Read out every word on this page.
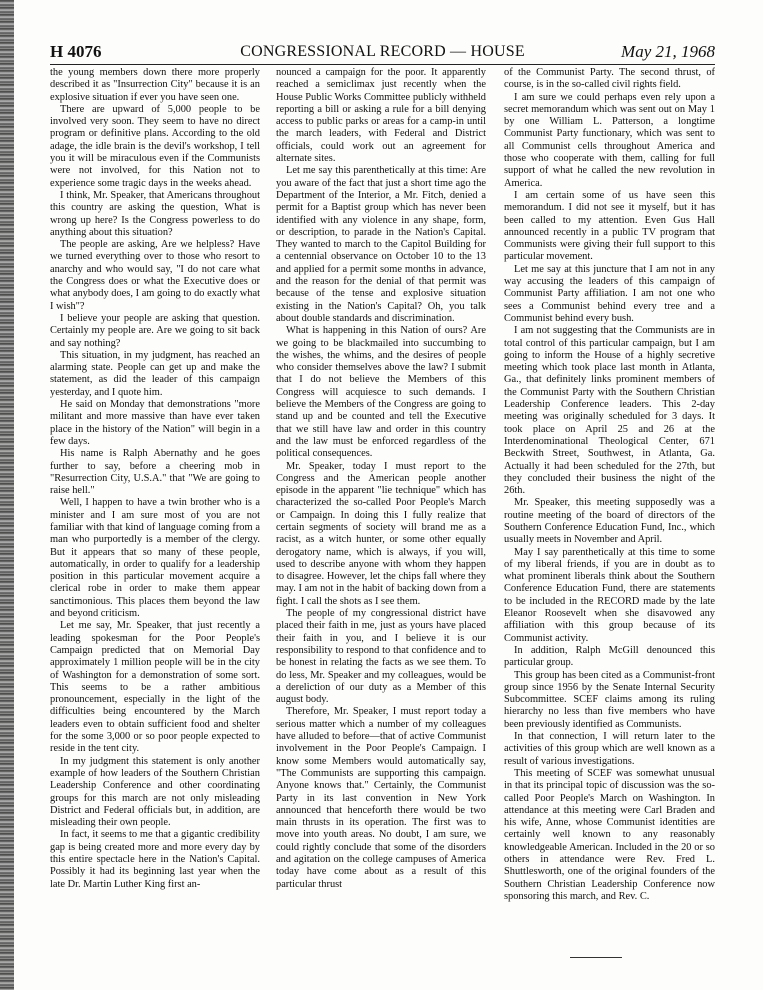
H 4076	CONGRESSIONAL RECORD — HOUSE	May 21, 1968

the young members down there more properly described it as "Insurrection City" because it is an explosive situation if ever you have seen one.

There are upward of 5,000 people to be involved very soon. They seem to have no direct program or definitive plans. According to the old adage, the idle brain is the devil's workshop, I tell you it will be miraculous even if the Communists were not involved, for this Nation not to experience some tragic days in the weeks ahead.

I think, Mr. Speaker, that Americans throughout this country are asking the question, What is wrong up here? Is the Congress powerless to do anything about this situation?

The people are asking, Are we helpless? Have we turned everything over to those who resort to anarchy and who would say, "I do not care what the Congress does or what the Executive does or what anybody does, I am going to do exactly what I wish"?

I believe your people are asking that question. Certainly my people are. Are we going to sit back and say nothing?

This situation, in my judgment, has reached an alarming state. People can get up and make the statement, as did the leader of this campaign yesterday, and I quote him.

He said on Monday that demonstrations "more militant and more massive than have ever taken place in the history of the Nation" will begin in a few days.

His name is Ralph Abernathy and he goes further to say, before a cheering mob in "Resurrection City, U.S.A." that "We are going to raise hell."

Well, I happen to have a twin brother who is a minister and I am sure most of you are not familiar with that kind of language coming from a man who purportedly is a member of the clergy. But it appears that so many of these people, automatically, in order to qualify for a leadership position in this particular movement acquire a clerical robe in order to make them appear sanctimonious. This places them beyond the law and beyond criticism.

Let me say, Mr. Speaker, that just recently a leading spokesman for the Poor People's Campaign predicted that on Memorial Day approximately 1 million people will be in the city of Washington for a demonstration of some sort. This seems to be a rather ambitious pronouncement, especially in the light of the difficulties being encountered by the March leaders even to obtain sufficient food and shelter for the some 3,000 or so poor people expected to reside in the tent city.

In my judgment this statement is only another example of how leaders of the Southern Christian Leadership Conference and other coordinating groups for this march are not only misleading District and Federal officials but, in addition, are misleading their own people.

In fact, it seems to me that a gigantic credibility gap is being created more and more every day by this entire spectacle here in the Nation's Capital. Possibly it had its beginning last year when the late Dr. Martin Luther King first an-

nounced a campaign for the poor. It apparently reached a semiclimax just recently when the House Public Works Committee publicly withheld reporting a bill or asking a rule for a bill denying access to public parks or areas for a camp-in until the march leaders, with Federal and District officials, could work out an agreement for alternate sites.

Let me say this parenthetically at this time: Are you aware of the fact that just a short time ago the Department of the Interior, a Mr. Fitch, denied a permit for a Baptist group which has never been identified with any violence in any shape, form, or description, to parade in the Nation's Capital. They wanted to march to the Capitol Building for a centennial observance on October 10 to the 13 and applied for a permit some months in advance, and the reason for the denial of that permit was because of the tense and explosive situation existing in the Nation's Capital? Oh, you talk about double standards and discrimination.

What is happening in this Nation of ours? Are we going to be blackmailed into succumbing to the wishes, the whims, and the desires of people who consider themselves above the law? I submit that I do not believe the Members of this Congress will acquiesce to such demands. I believe the Members of the Congress are going to stand up and be counted and tell the Executive that we still have law and order in this country and the law must be enforced regardless of the political consequences.

Mr. Speaker, today I must report to the Congress and the American people another episode in the apparent "lie technique" which has characterized the so-called Poor People's March or Campaign. In doing this I fully realize that certain segments of society will brand me as a racist, as a witch hunter, or some other equally derogatory name, which is always, if you will, used to describe anyone with whom they happen to disagree. However, let the chips fall where they may. I am not in the habit of backing down from a fight. I call the shots as I see them.

The people of my congressional district have placed their faith in me, just as yours have placed their faith in you, and I believe it is our responsibility to respond to that confidence and to be honest in relating the facts as we see them. To do less, Mr. Speaker and my colleagues, would be a dereliction of our duty as a Member of this august body.

Therefore, Mr. Speaker, I must report today a serious matter which a number of my colleagues have alluded to before—that of active Communist involvement in the Poor People's Campaign. I know some Members would automatically say, "The Communists are supporting this campaign. Anyone knows that." Certainly, the Communist Party in its last convention in New York announced that henceforth there would be two main thrusts in its operation. The first was to move into youth areas. No doubt, I am sure, we could rightly conclude that some of the disorders and agitation on the college campuses of America today have come about as a result of this particular thrust

of the Communist Party. The second thrust, of course, is in the so-called civil rights field.

I am sure we could perhaps even rely upon a secret memorandum which was sent out on May 1 by one William L. Patterson, a longtime Communist Party functionary, which was sent to all Communist cells throughout America and those who cooperate with them, calling for full support of what he called the new revolution in America.

I am certain some of us have seen this memorandum. I did not see it myself, but it has been called to my attention. Even Gus Hall announced recently in a public TV program that Communists were giving their full support to this particular movement.

Let me say at this juncture that I am not in any way accusing the leaders of this campaign of Communist Party affiliation. I am not one who sees a Communist behind every tree and a Communist behind every bush.

I am not suggesting that the Communists are in total control of this particular campaign, but I am going to inform the House of a highly secretive meeting which took place last month in Atlanta, Ga., that definitely links prominent members of the Communist Party with the Southern Christian Leadership Conference leaders. This 2-day meeting was originally scheduled for 3 days. It took place on April 25 and 26 at the Interdenominational Theological Center, 671 Beckwith Street, Southwest, in Atlanta, Ga. Actually it had been scheduled for the 27th, but they concluded their business the night of the 26th.

Mr. Speaker, this meeting supposedly was a routine meeting of the board of directors of the Southern Conference Education Fund, Inc., which usually meets in November and April.

May I say parenthetically at this time to some of my liberal friends, if you are in doubt as to what prominent liberals think about the Southern Conference Education Fund, there are statements to be included in the RECORD made by the late Eleanor Roosevelt when she disavowed any affiliation with this group because of its Communist activity.

In addition, Ralph McGill denounced this particular group.

This group has been cited as a Communist-front group since 1956 by the Senate Internal Security Subcommittee. SCEF claims among its ruling hierarchy no less than five members who have been previously identified as Communists.

In that connection, I will return later to the activities of this group which are well known as a result of various investigations.

This meeting of SCEF was somewhat unusual in that its principal topic of discussion was the so-called Poor People's March on Washington. In attendance at this meeting were Carl Braden and his wife, Anne, whose Communist identities are certainly well known to any reasonably knowledgeable American. Included in the 20 or so others in attendance were Rev. Fred L. Shuttlesworth, one of the original founders of the Southern Christian Leadership Conference now sponsoring this march, and Rev. C.
